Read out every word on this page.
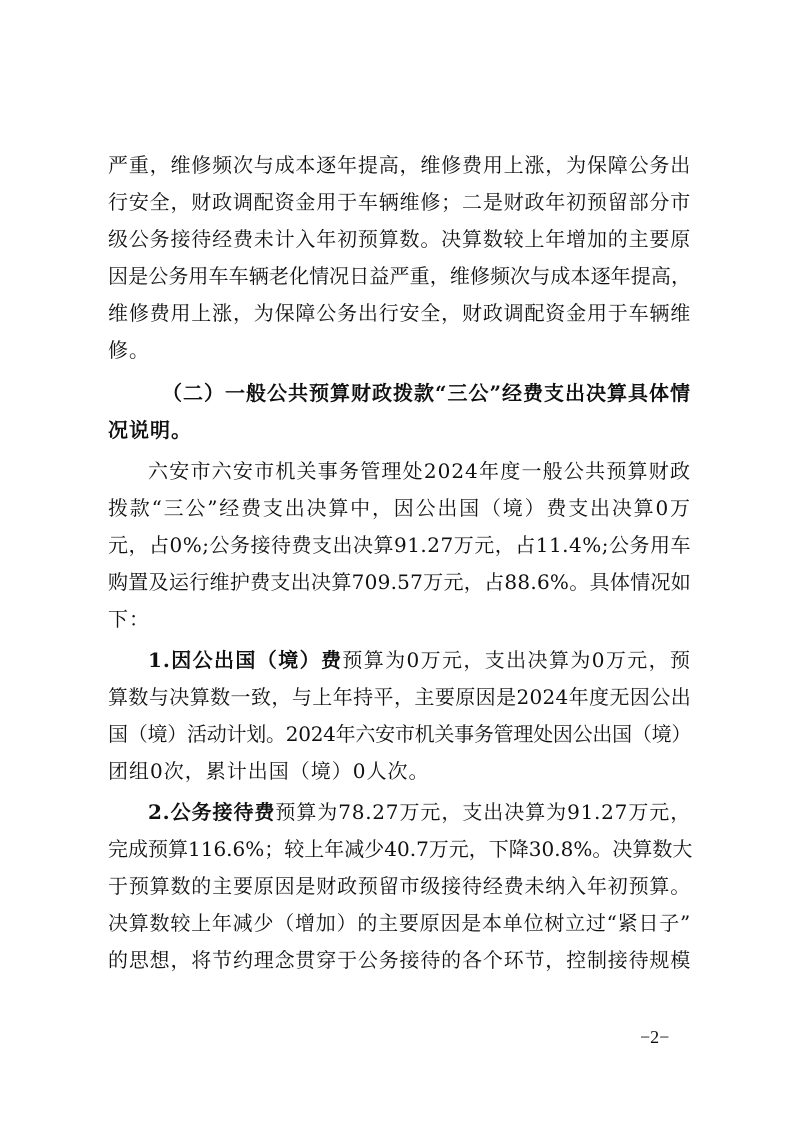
严重，维修频次与成本逐年提高，维修费用上涨，为保障公务出
行安全，财政调配资金用于车辆维修；二是财政年初预留部分市
级公务接待经费未计入年初预算数。决算数较上年增加的主要原
因是公务用车车辆老化情况日益严重，维修频次与成本逐年提高，
维修费用上涨，为保障公务出行安全，财政调配资金用于车辆维
修。
（二）一般公共预算财政拨款“三公”经费支出决算具体情
况说明。
六安市六安市机关事务管理处2024年度一般公共预算财政
拨款“三公”经费支出决算中，因公出国（境）费支出决算0万
元，占0%;公务接待费支出决算91.27万元，占11.4%;公务用车
购置及运行维护费支出决算709.57万元，占88.6%。具体情况如
下：
1.因公出国（境）费预算为0万元，支出决算为0万元，预
算数与决算数一致，与上年持平，主要原因是2024年度无因公出
国（境）活动计划。2024年六安市机关事务管理处因公出国（境）
团组0次，累计出国（境）0人次。
2.公务接待费预算为78.27万元，支出决算为91.27万元，
完成预算116.6%；较上年减少40.7万元，下降30.8%。决算数大
于预算数的主要原因是财政预留市级接待经费未纳入年初预算。
决算数较上年减少（增加）的主要原因是本单位树立过“紧日子”
的思想，将节约理念贯穿于公务接待的各个环节，控制接待规模
−2−
